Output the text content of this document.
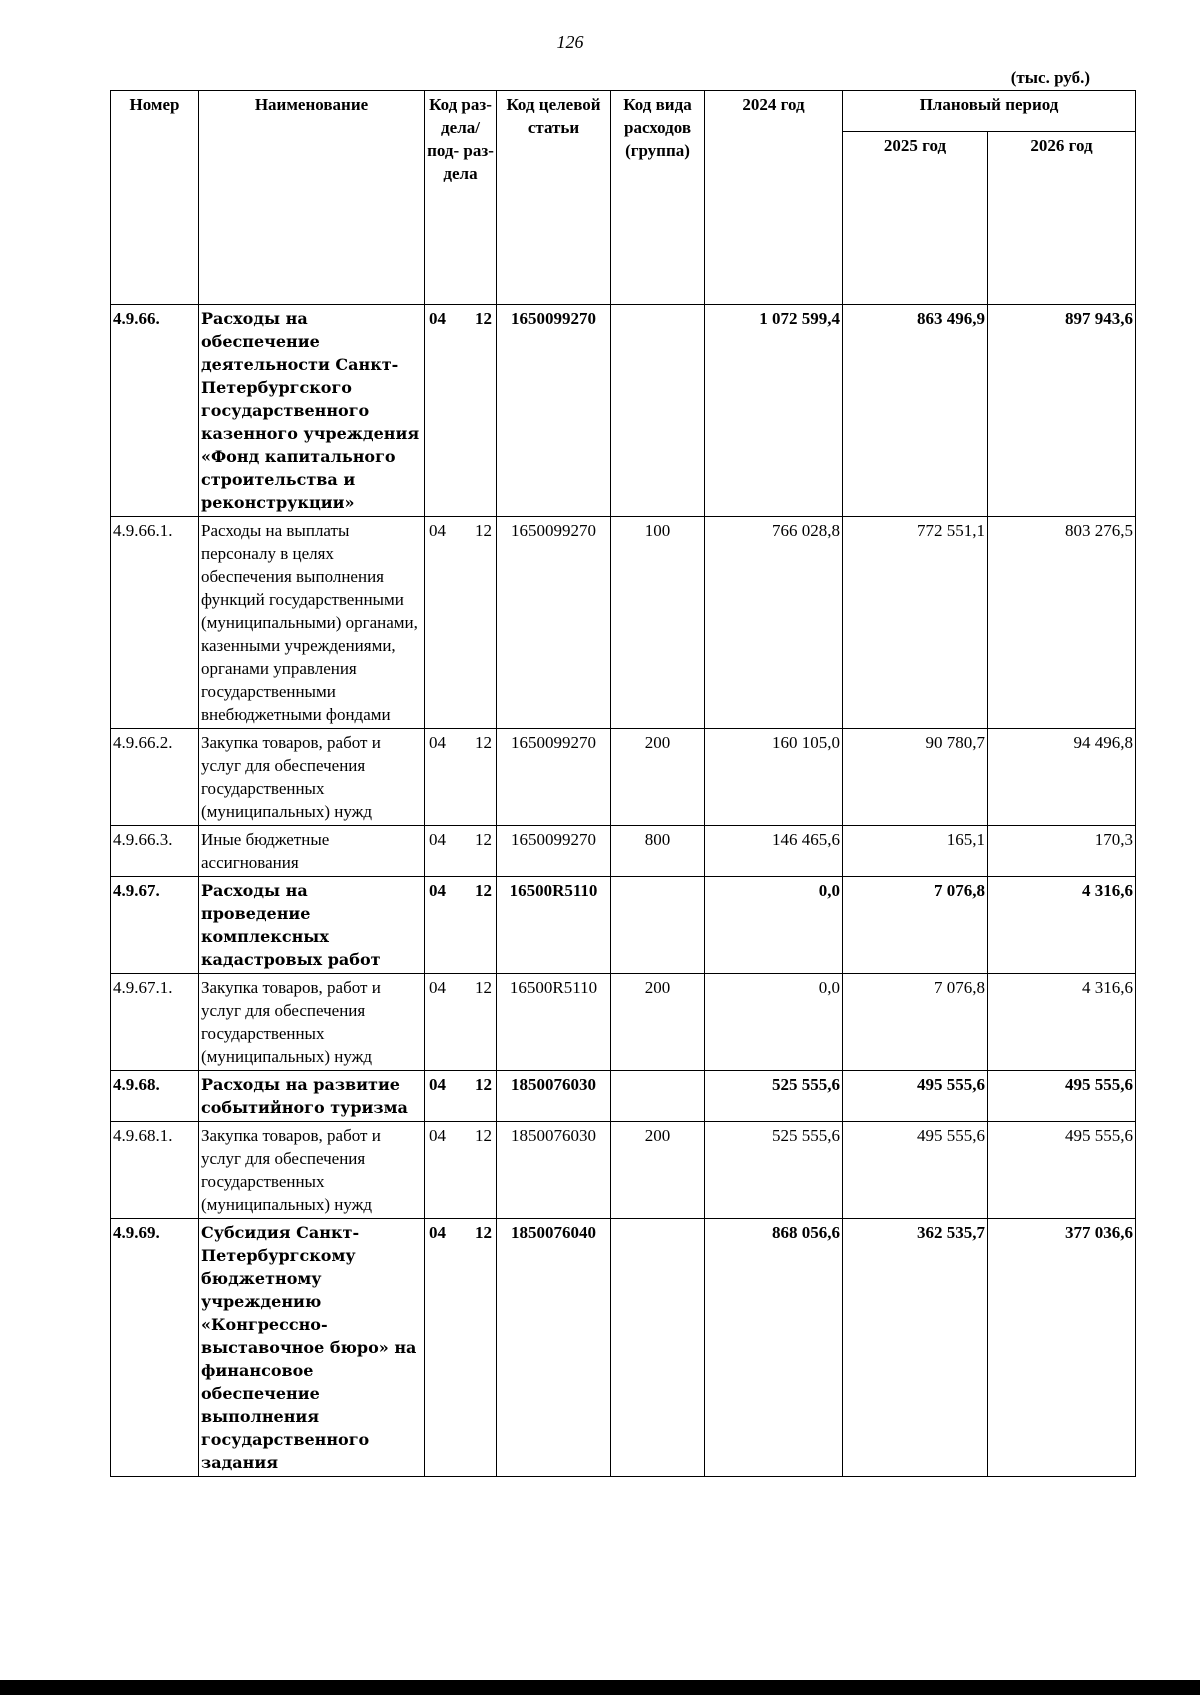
126
(тыс. руб.)
Номер	Наименование	Код раз- дела/ под- раз- дела	Код целевой статьи	Код вида расходов (группа)	2024 год	Плановый период	
						2025 год	2026 год
4.9.66.	Расходы на обеспечение деятельности Санкт-Петербургского государственного казенного учреждения «Фонд капитального строительства и реконструкции»	04 12	1650099270		1 072 599,4	863 496,9	897 943,6
4.9.66.1.	Расходы на выплаты персоналу в целях обеспечения выполнения функций государственными (муниципальными) органами, казенными учреждениями, органами управления государственными внебюджетными фондами	04 12	1650099270	100	766 028,8	772 551,1	803 276,5
4.9.66.2.	Закупка товаров, работ и услуг для обеспечения государственных (муниципальных) нужд	04 12	1650099270	200	160 105,0	90 780,7	94 496,8
4.9.66.3.	Иные бюджетные ассигнования	04 12	1650099270	800	146 465,6	165,1	170,3
4.9.67.	Расходы на проведение комплексных кадастровых работ	04 12	16500R5110		0,0	7 076,8	4 316,6
4.9.67.1.	Закупка товаров, работ и услуг для обеспечения государственных (муниципальных) нужд	04 12	16500R5110	200	0,0	7 076,8	4 316,6
4.9.68.	Расходы на развитие событийного туризма	04 12	1850076030		525 555,6	495 555,6	495 555,6
4.9.68.1.	Закупка товаров, работ и услуг для обеспечения государственных (муниципальных) нужд	04 12	1850076030	200	525 555,6	495 555,6	495 555,6
4.9.69.	Субсидия Санкт-Петербургскому бюджетному учреждению «Конгрессно-выставочное бюро» на финансовое обеспечение выполнения государственного задания	04 12	1850076040		868 056,6	362 535,7	377 036,6
